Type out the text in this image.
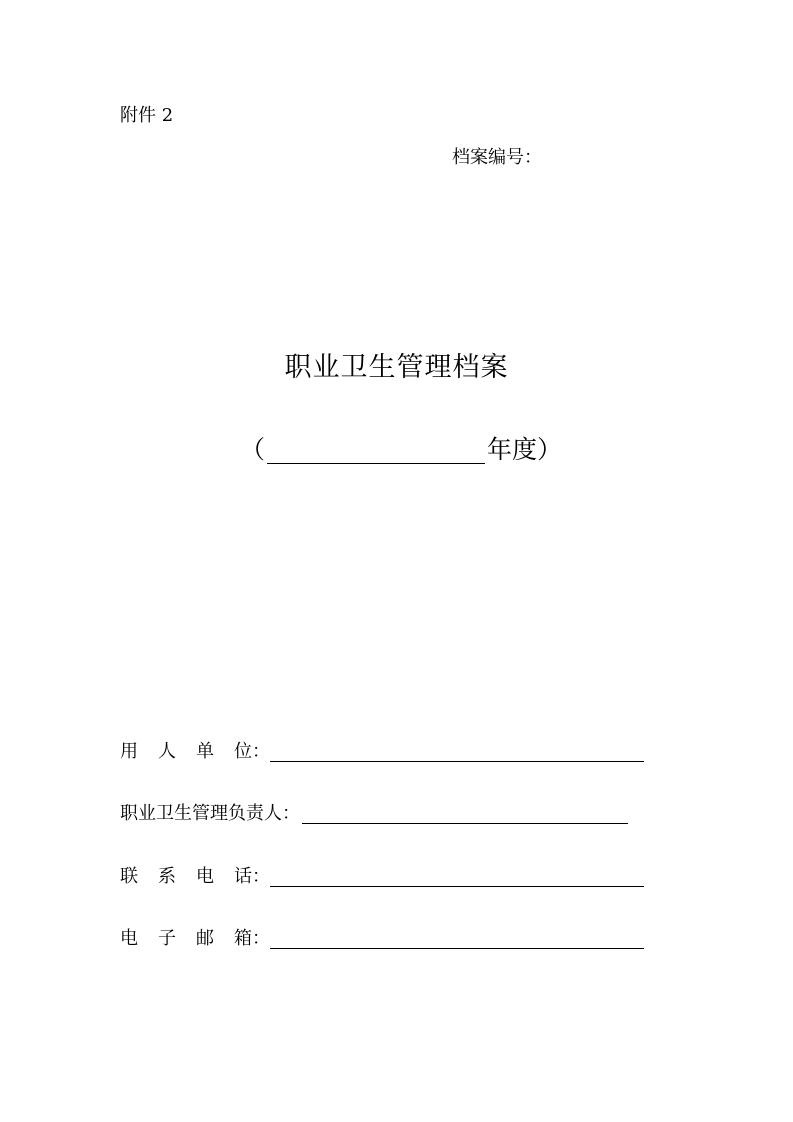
附件 2
档案编号：
职业卫生管理档案
（	年度）
用 人 单 位：
职业卫生管理负责人：
联 系 电 话：
电 子 邮 箱：
